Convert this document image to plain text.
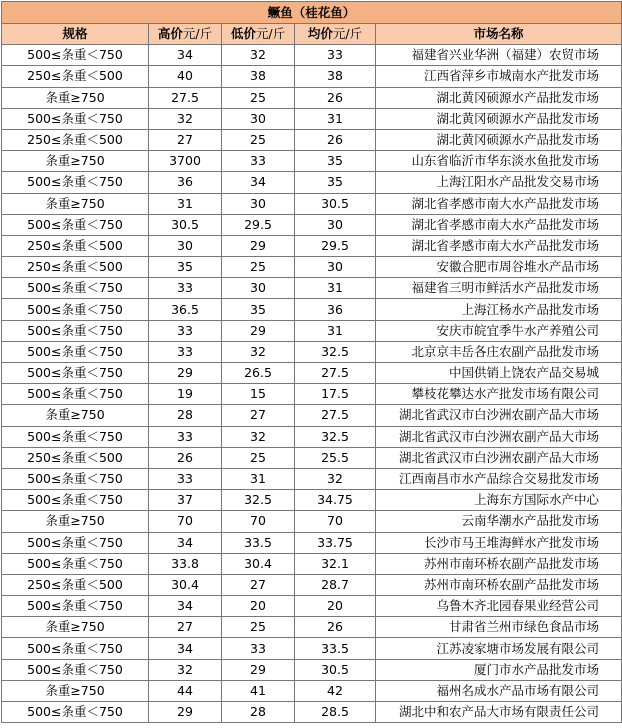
鳜鱼（桂花鱼）				
规格	高价元/斤	低价元/斤	均价元/斤	市场名称
500≤条重＜750	34	32	33	福建省兴业华洲（福建）农贸市场
250≤条重＜500	40	38	38	江西省萍乡市城南水产批发市场
条重≥750	27.5	25	26	湖北黄冈硕源水产品批发市场
500≤条重＜750	32	30	31	湖北黄冈硕源水产品批发市场
250≤条重＜500	27	25	26	湖北黄冈硕源水产品批发市场
条重≥750	3700	33	35	山东省临沂市华东淡水鱼批发市场
500≤条重＜750	36	34	35	上海江阳水产品批发交易市场
条重≥750	31	30	30.5	湖北省孝感市南大水产品批发市场
500≤条重＜750	30.5	29.5	30	湖北省孝感市南大水产品批发市场
250≤条重＜500	30	29	29.5	湖北省孝感市南大水产品批发市场
250≤条重＜500	35	25	30	安徽合肥市周谷堆水产品市场
500≤条重＜750	33	30	31	福建省三明市鲜活水产品批发市场
500≤条重＜750	36.5	35	36	上海江杨水产品批发市场
500≤条重＜750	33	29	31	安庆市皖宜季牛水产养殖公司
500≤条重＜750	33	32	32.5	北京京丰岳各庄农副产品批发市场
500≤条重＜750	29	26.5	27.5	中国供销上饶农产品交易城
500≤条重＜750	19	15	17.5	攀枝花攀达水产批发市场有限公司
条重≥750	28	27	27.5	湖北省武汉市白沙洲农副产品大市场
500≤条重＜750	33	32	32.5	湖北省武汉市白沙洲农副产品大市场
250≤条重＜500	26	25	25.5	湖北省武汉市白沙洲农副产品大市场
500≤条重＜750	33	31	32	江西南昌市水产品综合交易批发市场
500≤条重＜750	37	32.5	34.75	上海东方国际水产中心
条重≥750	70	70	70	云南华潮水产品批发市场
500≤条重＜750	34	33.5	33.75	长沙市马王堆海鲜水产批发市场
500≤条重＜750	33.8	30.4	32.1	苏州市南环桥农副产品批发市场
250≤条重＜500	30.4	27	28.7	苏州市南环桥农副产品批发市场
500≤条重＜750	34	20	20	乌鲁木齐北园春果业经营公司
条重≥750	27	25	26	甘肃省兰州市绿色食品市场
500≤条重＜750	34	33	33.5	江苏凌家塘市场发展有限公司
500≤条重＜750	32	29	30.5	厦门市水产品批发市场
条重≥750	44	41	42	福州名成水产品市场有限公司
500≤条重＜750	29	28	28.5	湖北中和农产品大市场有限责任公司
